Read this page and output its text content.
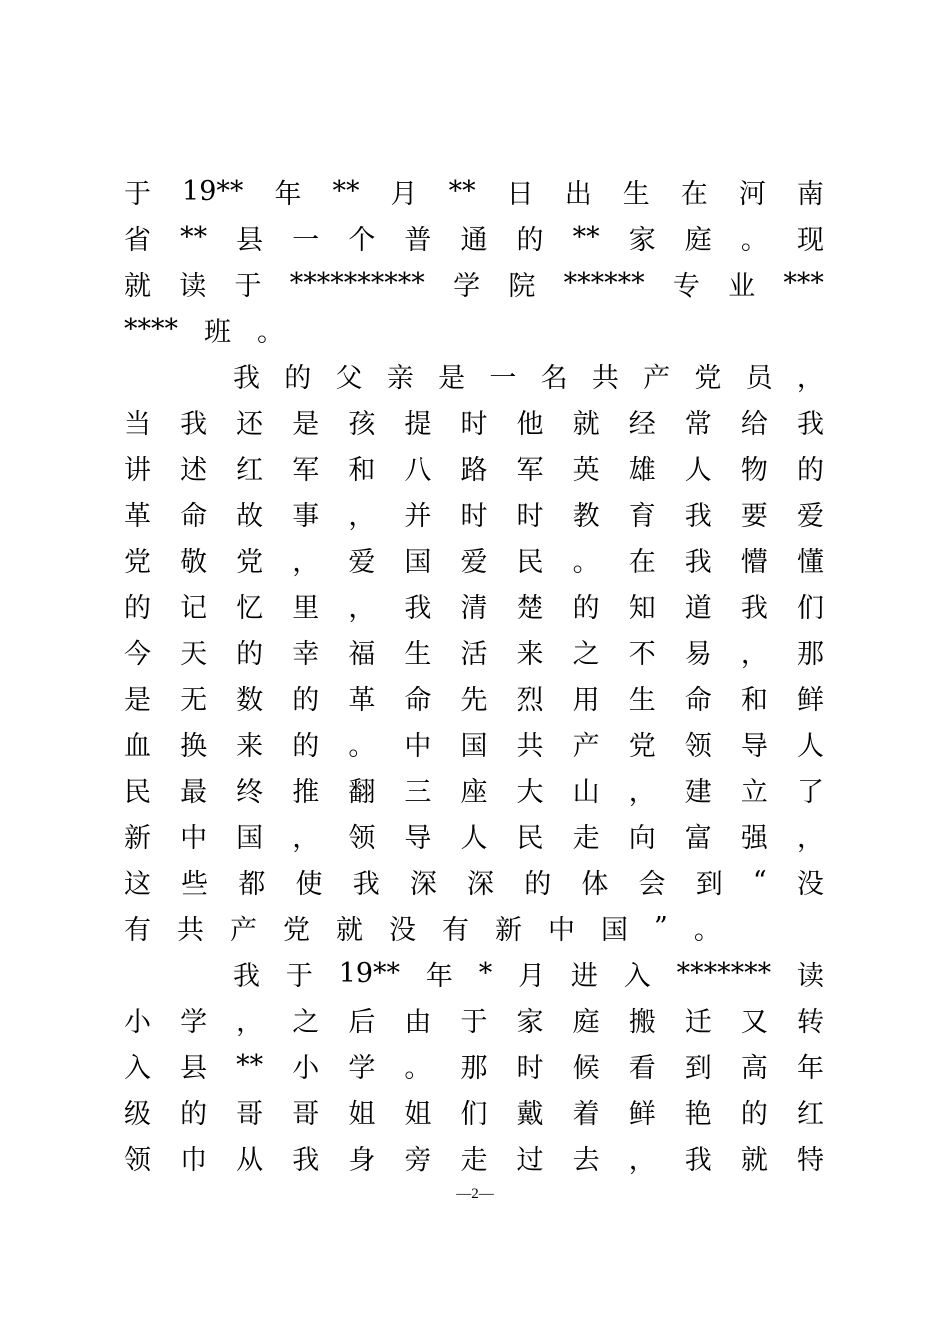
于 19** 年 ** 月 ** 日 出 生 在 河 南
省 ** 县 一 个 普 通 的 ** 家 庭 。 现
就 读 于 ********** 学 院 ****** 专 业 ***
**** 班 。
我 的 父 亲 是 一 名 共 产 党 员 ，
当 我 还 是 孩 提 时 他 就 经 常 给 我
讲 述 红 军 和 八 路 军 英 雄 人 物 的
革 命 故 事 ， 并 时 时 教 育 我 要 爱
党 敬 党 ， 爱 国 爱 民 。 在 我 懵 懂
的 记 忆 里 ， 我 清 楚 的 知 道 我 们
今 天 的 幸 福 生 活 来 之 不 易 ， 那
是 无 数 的 革 命 先 烈 用 生 命 和 鲜
血 换 来 的 。 中 国 共 产 党 领 导 人
民 最 终 推 翻 三 座 大 山 ， 建 立 了
新 中 国 ， 领 导 人 民 走 向 富 强 ，
这 些 都 使 我 深 深 的 体 会 到 “ 没
有 共 产 党 就 没 有 新 中 国 ” 。
我 于 19** 年 * 月 进 入 ******* 读
小 学 ， 之 后 由 于 家 庭 搬 迁 又 转
入 县 ** 小 学 。 那 时 候 看 到 高 年
级 的 哥 哥 姐 姐 们 戴 着 鲜 艳 的 红
领 巾 从 我 身 旁 走 过 去 ， 我 就 特
—2—
